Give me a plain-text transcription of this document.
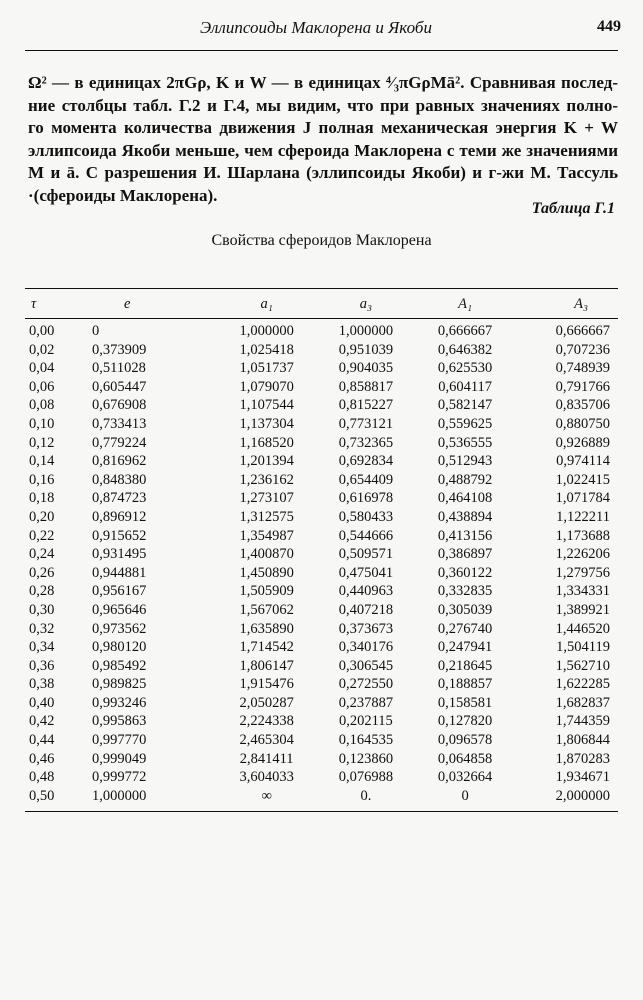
Эллипсоиды Маклорена и Якоби	449
Ω² — в единицах 2πGρ, K и W — в единицах ⁴⁄₃πGρMā². Сравнивая послед-
ние столбцы табл. Г.2 и Г.4, мы видим, что при равных значениях полно-
го момента количества движения J полная механическая энергия K + W
эллипсоида Якоби меньше, чем сфероида Маклорена с теми же значениями
M и ā. С разрешения И. Шарлана (эллипсоиды Якоби) и г-жи М. Тассуль
·(сфероиды Маклорена).
Таблица Г.1
Свойства сфероидов Маклорена
τ	e	a₁	a₃	A₁	A₃
0,00	0	1,000000	1,000000	0,666667	0,666667
0,02	0,373909	1,025418	0,951039	0,646382	0,707236
0,04	0,511028	1,051737	0,904035	0,625530	0,748939
0,06	0,605447	1,079070	0,858817	0,604117	0,791766
0,08	0,676908	1,107544	0,815227	0,582147	0,835706
0,10	0,733413	1,137304	0,773121	0,559625	0,880750
0,12	0,779224	1,168520	0,732365	0,536555	0,926889
0,14	0,816962	1,201394	0,692834	0,512943	0,974114
0,16	0,848380	1,236162	0,654409	0,488792	1,022415
0,18	0,874723	1,273107	0,616978	0,464108	1,071784
0,20	0,896912	1,312575	0,580433	0,438894	1,122211
0,22	0,915652	1,354987	0,544666	0,413156	1,173688
0,24	0,931495	1,400870	0,509571	0,386897	1,226206
0,26	0,944881	1,450890	0,475041	0,360122	1,279756
0,28	0,956167	1,505909	0,440963	0,332835	1,334331
0,30	0,965646	1,567062	0,407218	0,305039	1,389921
0,32	0,973562	1,635890	0,373673	0,276740	1,446520
0,34	0,980120	1,714542	0,340176	0,247941	1,504119
0,36	0,985492	1,806147	0,306545	0,218645	1,562710
0,38	0,989825	1,915476	0,272550	0,188857	1,622285
0,40	0,993246	2,050287	0,237887	0,158581	1,682837
0,42	0,995863	2,224338	0,202115	0,127820	1,744359
0,44	0,997770	2,465304	0,164535	0,096578	1,806844
0,46	0,999049	2,841411	0,123860	0,064858	1,870283
0,48	0,999772	3,604033	0,076988	0,032664	1,934671
0,50	1,000000	∞	0.	0	2,000000
